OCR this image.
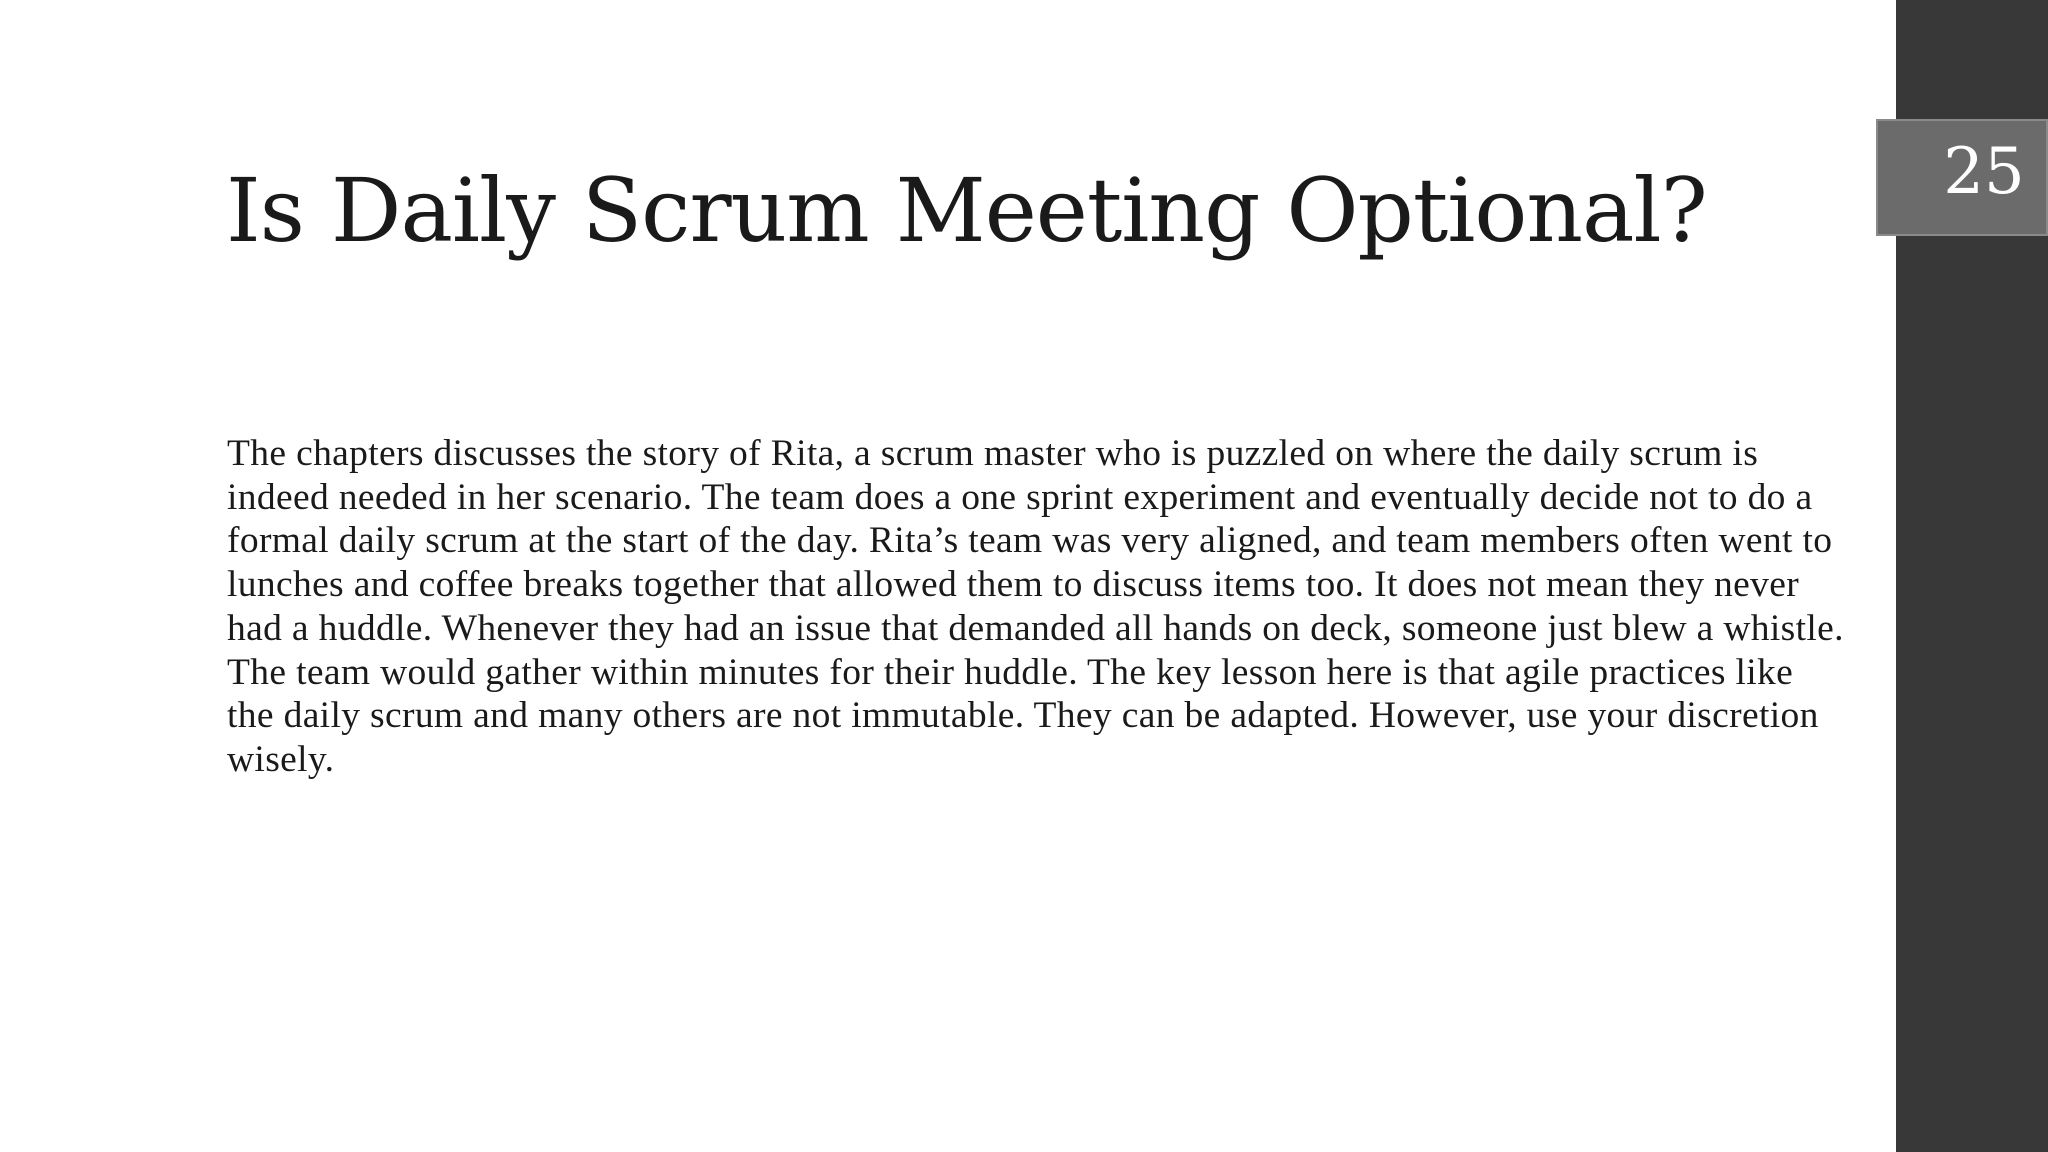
25
Is Daily Scrum Meeting Optional?

The chapters discusses the story of Rita, a scrum master who is puzzled on where the daily scrum is indeed needed in her scenario. The team does a one sprint experiment and eventually decide not to do a formal daily scrum at the start of the day. Rita’s team was very aligned, and team members often went to lunches and coffee breaks together that allowed them to discuss items too. It does not mean they never had a huddle. Whenever they had an issue that demanded all hands on deck, someone just blew a whistle. The team would gather within minutes for their huddle. The key lesson here is that agile practices like the daily scrum and many others are not immutable. They can be adapted. However, use your discretion wisely.
